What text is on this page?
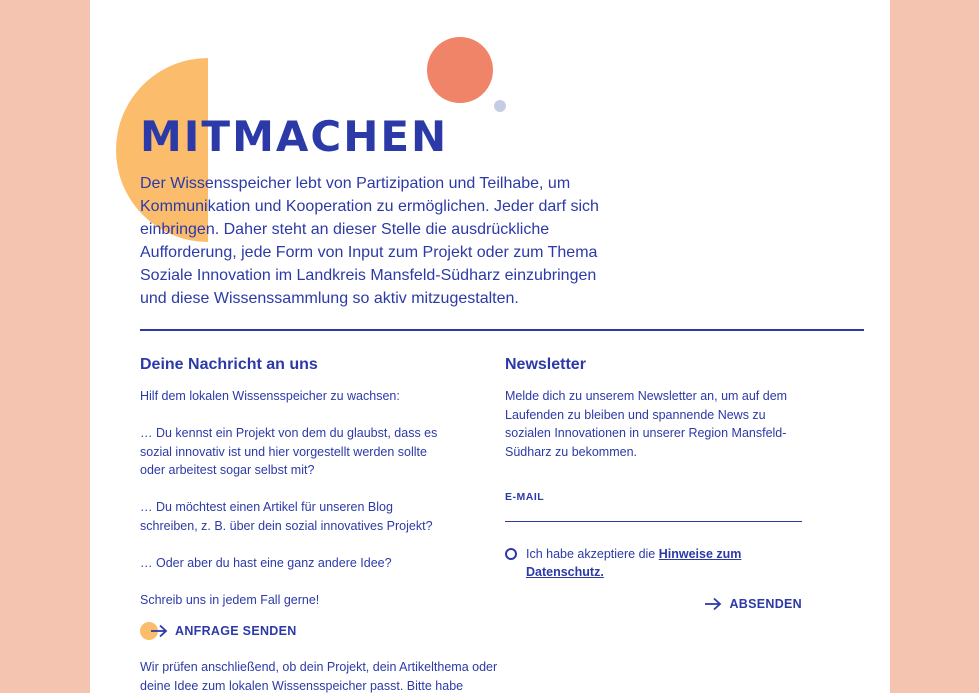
MITMACHEN

Der Wissensspeicher lebt von Partizipation und Teilhabe, um Kommunikation und Kooperation zu ermöglichen. Jeder darf sich einbringen. Daher steht an dieser Stelle die ausdrückliche Aufforderung, jede Form von Input zum Projekt oder zum Thema Soziale Innovation im Landkreis Mansfeld-Südharz einzubringen und diese Wissenssammlung so aktiv mitzugestalten.

Deine Nachricht an uns

Hilf dem lokalen Wissensspeicher zu wachsen:

… Du kennst ein Projekt von dem du glaubst, dass es sozial innovativ ist und hier vorgestellt werden sollte oder arbeitest sogar selbst mit?

… Du möchtest einen Artikel für unseren Blog schreiben, z. B. über dein sozial innovatives Projekt?

… Oder aber du hast eine ganz andere Idee?

Schreib uns in jedem Fall gerne!

ANFRAGE SENDEN

Wir prüfen anschließend, ob dein Projekt, dein Artikelthema oder deine Idee zum lokalen Wissensspeicher passt. Bitte habe

Newsletter

Melde dich zu unserem Newsletter an, um auf dem Laufenden zu bleiben und spannende News zu sozialen Innovationen in unserer Region Mansfeld-Südharz zu bekommen.

E-MAIL
Ich habe akzeptiere die Hinweise zum Datenschutz.
ABSENDEN
